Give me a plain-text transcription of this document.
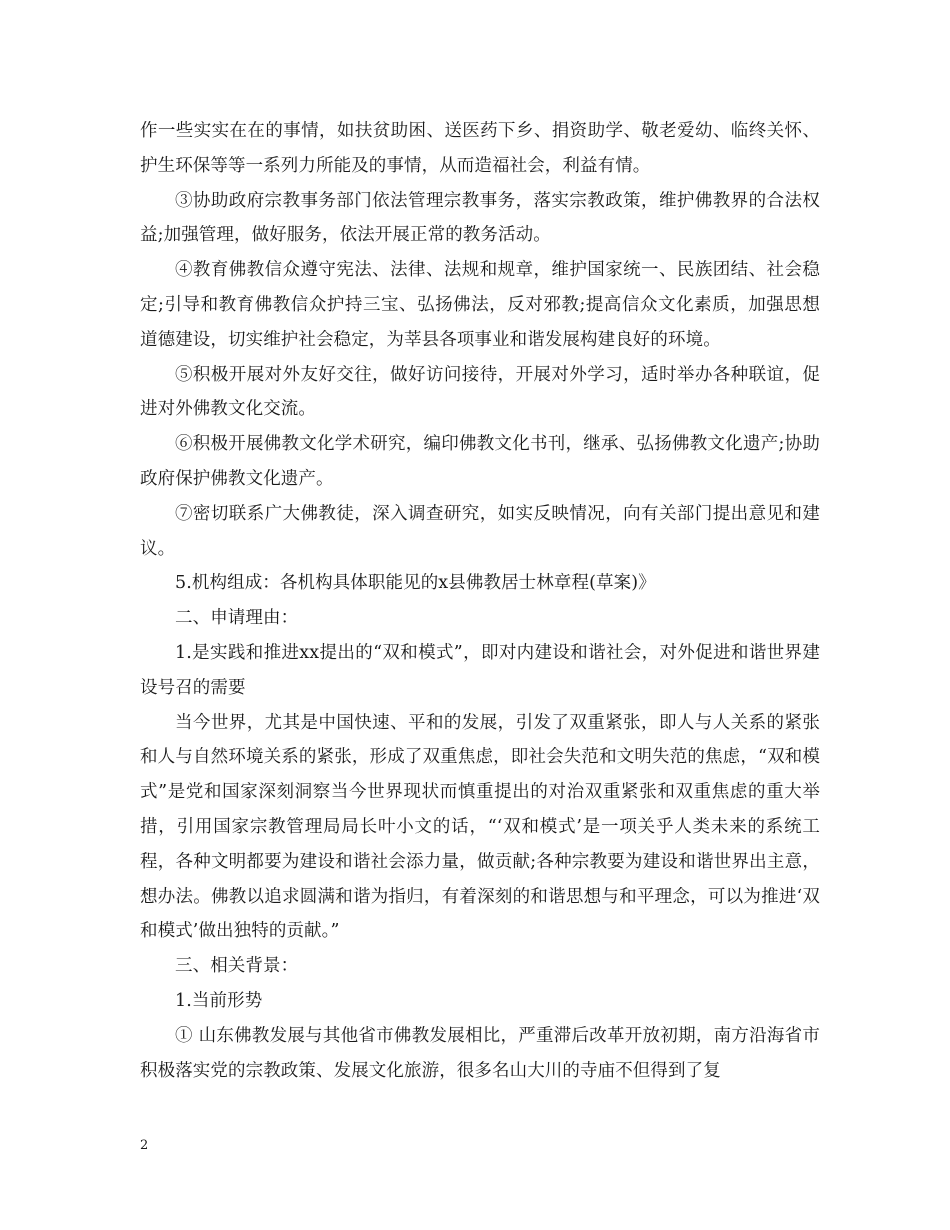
作一些实实在在的事情，如扶贫助困、送医药下乡、捐资助学、敬老爱幼、临终关怀、护生环保等等一系列力所能及的事情，从而造福社会，利益有情。

③协助政府宗教事务部门依法管理宗教事务，落实宗教政策，维护佛教界的合法权益;加强管理，做好服务，依法开展正常的教务活动。

④教育佛教信众遵守宪法、法律、法规和规章，维护国家统一、民族团结、社会稳定;引导和教育佛教信众护持三宝、弘扬佛法，反对邪教;提高信众文化素质，加强思想道德建设，切实维护社会稳定，为莘县各项事业和谐发展构建良好的环境。

⑤积极开展对外友好交往，做好访问接待，开展对外学习，适时举办各种联谊，促进对外佛教文化交流。

⑥积极开展佛教文化学术研究，编印佛教文化书刊，继承、弘扬佛教文化遗产;协助政府保护佛教文化遗产。

⑦密切联系广大佛教徒，深入调查研究，如实反映情况，向有关部门提出意见和建议。

5.机构组成：各机构具体职能见的x县佛教居士林章程(草案)》

二、申请理由：

1.是实践和推进xx提出的“双和模式”，即对内建设和谐社会，对外促进和谐世界建设号召的需要

当今世界，尤其是中国快速、平和的发展，引发了双重紧张，即人与人关系的紧张和人与自然环境关系的紧张，形成了双重焦虑，即社会失范和文明失范的焦虑，“双和模式”是党和国家深刻洞察当今世界现状而慎重提出的对治双重紧张和双重焦虑的重大举措，引用国家宗教管理局局长叶小文的话，“‘双和模式’是一项关乎人类未来的系统工程，各种文明都要为建设和谐社会添力量，做贡献;各种宗教要为建设和谐世界出主意，想办法。佛教以追求圆满和谐为指归，有着深刻的和谐思想与和平理念，可以为推进‘双和模式’做出独特的贡献。”

三、相关背景：

1.当前形势

① 山东佛教发展与其他省市佛教发展相比，严重滞后改革开放初期，南方沿海省市积极落实党的宗教政策、发展文化旅游，很多名山大川的寺庙不但得到了复

2
